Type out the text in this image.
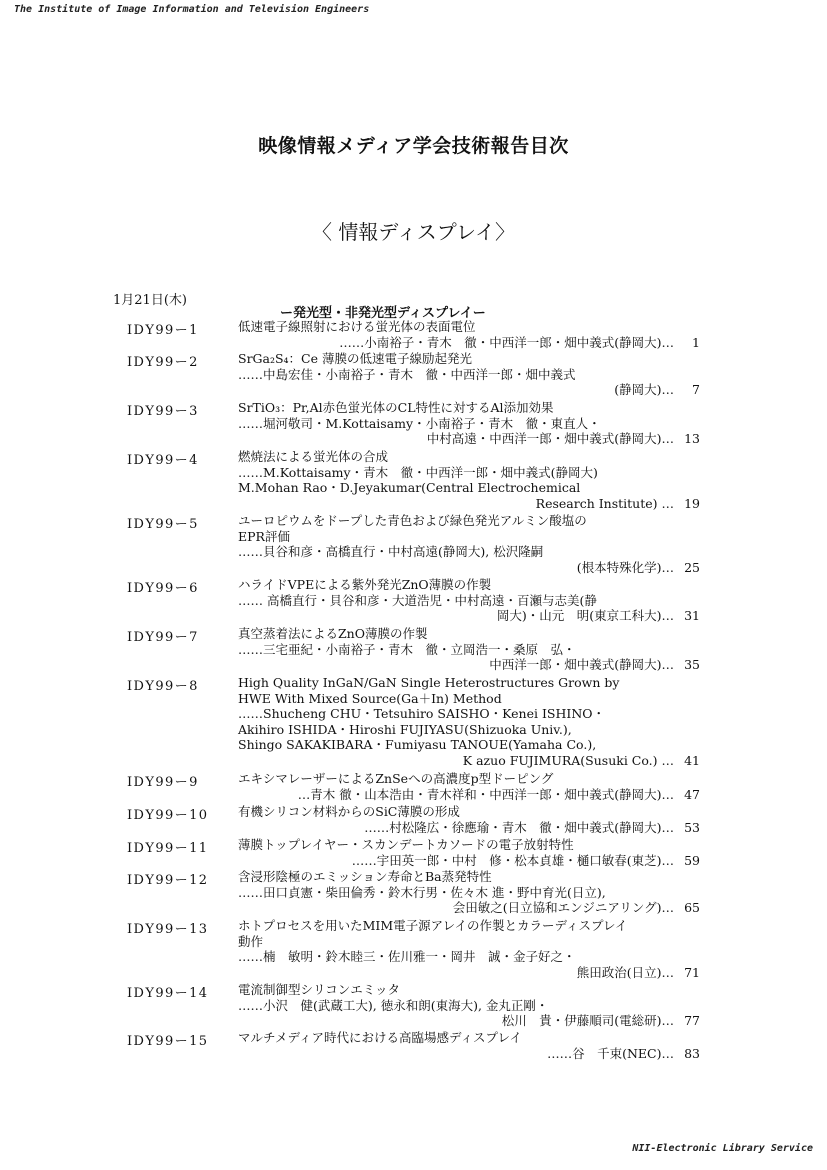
The Institute of Image Information and Television Engineers
映像情報メディア学会技術報告目次
〈 情報ディスプレイ〉
1月21日(木)
ー発光型・非発光型ディスプレイー
IDY99ー1	低速電子線照射における蛍光体の表面電位
……小南裕子・青木　徹・中西洋一郎・畑中義式(静岡大)…	1
IDY99ー2	SrGa₂S₄：Ce 薄膜の低速電子線励起発光
……中島宏佳・小南裕子・青木　徹・中西洋一郎・畑中義式
(静岡大)…	7
IDY99ー3	SrTiO₃：Pr,Al赤色蛍光体のCL特性に対するAl添加効果
……堀河敬司・M.Kottaisamy・小南裕子・青木　徹・東直人・
中村高遠・中西洋一郎・畑中義式(静岡大)… 13
IDY99ー4	燃焼法による蛍光体の合成
……M.Kottaisamy・青木　徹・中西洋一郎・畑中義式(静岡大)
M.Mohan Rao・D.Jeyakumar(Central Electrochemical
Research Institute) … 19
IDY99ー5	ユーロピウムをドープした青色および緑色発光アルミン酸塩の
EPR評価
……貝谷和彦・高橋直行・中村高遠(静岡大), 松沢隆嗣
(根本特殊化学)… 25
IDY99ー6	ハライドVPEによる紫外発光ZnO薄膜の作製
…… 高橋直行・貝谷和彦・大道浩児・中村高遠・百瀬与志美(静
岡大)・山元　明(東京工科大)… 31
IDY99ー7	真空蒸着法によるZnO薄膜の作製
……三宅亜紀・小南裕子・青木　徹・立岡浩一・桑原　弘・
中西洋一郎・畑中義式(静岡大)… 35
IDY99ー8	High Quality InGaN/GaN Single Heterostructures Grown by
HWE With Mixed Source(Ga＋In) Method
……Shucheng CHU・Tetsuhiro SAISHO・Kenei ISHINO・
Akihiro ISHIDA・Hiroshi FUJIYASU(Shizuoka Univ.),
Shingo SAKAKIBARA・Fumiyasu TANOUE(Yamaha Co.),
K azuo FUJIMURA(Susuki Co.) … 41
IDY99ー9	エキシマレーザーによるZnSeへの高濃度p型ドーピング
…青木 徹・山本浩由・青木祥和・中西洋一郎・畑中義式(静岡大)… 47
IDY99ー10 有機シリコン材料からのSiC薄膜の形成
……村松隆広・徐應瑜・青木　徹・畑中義式(静岡大)… 53
IDY99ー11 薄膜トップレイヤー・スカンデートカソードの電子放射特性
……宇田英一郎・中村　修・松本貞雄・樋口敏春(東芝)… 59
IDY99ー12 含浸形陰極のエミッション寿命とBa蒸発特性
……田口貞憲・柴田倫秀・鈴木行男・佐々木 進・野中育光(日立),
会田敏之(日立協和エンジニアリング)… 65
IDY99ー13 ホトプロセスを用いたMIM電子源アレイの作製とカラーディスプレイ
動作
……楠　敏明・鈴木睦三・佐川雅一・岡井　誠・金子好之・
熊田政治(日立)… 71
IDY99ー14 電流制御型シリコンエミッタ
……小沢　健(武蔵工大), 徳永和朗(東海大), 金丸正剛・
松川　貴・伊藤順司(電総研)… 77
IDY99ー15 マルチメディア時代における高臨場感ディスプレイ
……谷　千束(NEC)… 83
NII-Electronic Library Service
